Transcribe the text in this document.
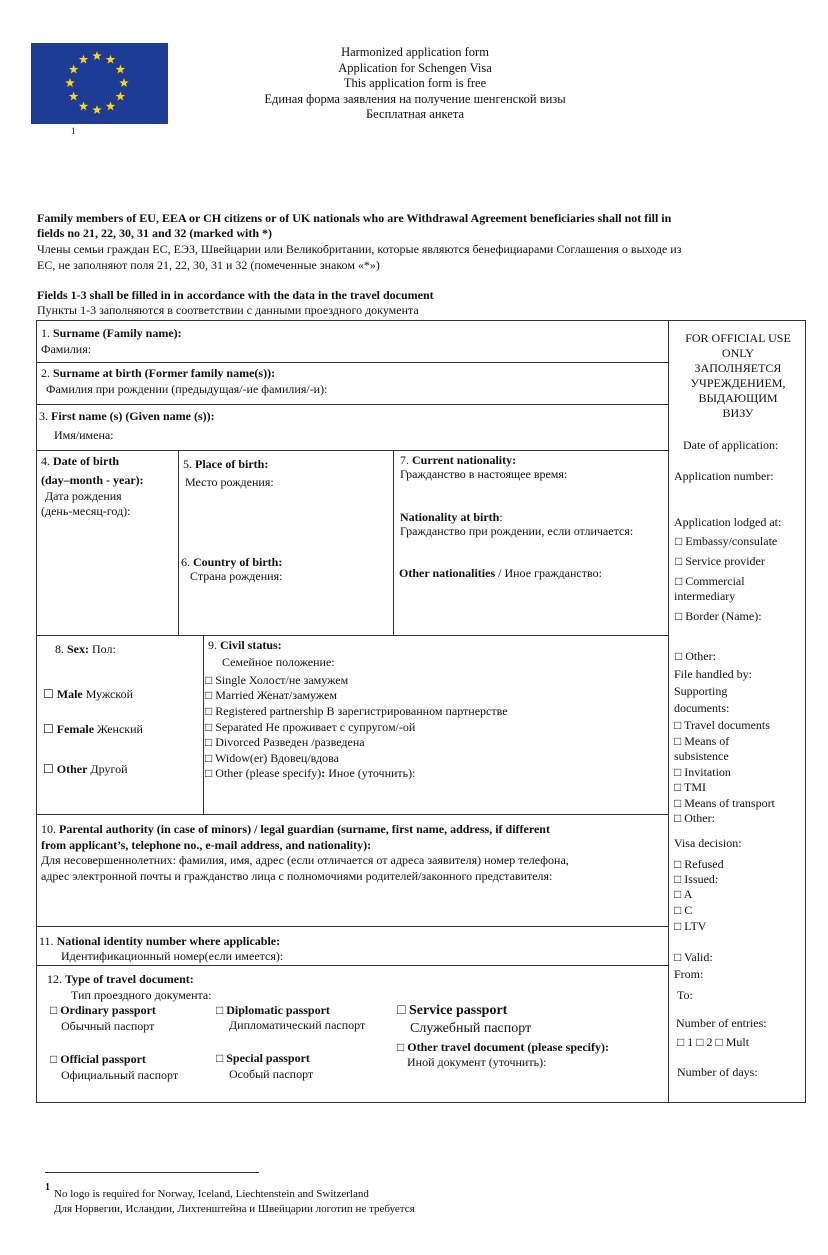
1
Harmonized application form
Application for Schengen Visa
This application form is free
Единая форма заявления на получение шенгенской визы
Бесплатная анкета
Family members of EU, EEA or CH citizens or of UK nationals who are Withdrawal Agreement beneficiaries shall not fill in
fields no 21, 22, 30, 31 and 32 (marked with *)
Члены семьи граждан ЕС, ЕЭЗ, Швейцарии или Великобритании, которые являются бенефициарами Соглашения о выходе из
ЕС, не заполняют поля 21, 22, 30, 31 и 32 (помеченные знаком «*»)
Fields 1-3 shall be filled in in accordance with the data in the travel document
Пункты 1-3 заполняются в соответствии с данными проездного документа
1. Surname (Family name):
Фамилия:
2. Surname at birth (Former family name(s)):
Фамилия при рождении (предыдущая/-ие фамилия/-и):
3. First name (s) (Given name (s)):
Имя/имена:
4. Date of birth
(day–month - year):
Дата рождения
(день-месяц-год):
5. Place of birth:
Место рождения:
6. Country of birth:
Страна рождения:
7. Current nationality:
Гражданство в настоящее время:
Nationality at birth:
Гражданство при рождении, если отличается:
Other nationalities / Иное гражданство:
8. Sex: Пол:
☐ Male Мужской
☐ Female Женский
☐ Other Другой
9. Civil status:
Семейное положение:
□ Single Холост/не замужем
□ Married Женат/замужем
□ Registered partnership В зарегистрированном партнерстве
□ Separated Не проживает с супругом/-ой
□ Divorced Разведен /разведена
□ Widow(er) Вдовец/вдова
□ Other (please specify): Иное (уточнить):
10. Parental authority (in case of minors) / legal guardian (surname, first name, address, if different
from applicant’s, telephone no., e-mail address, and nationality):
Для несовершеннолетних: фамилия, имя, адрес (если отличается от адреса заявителя) номер телефона,
адрес электронной почты и гражданство лица с полномочиями родителей/законного представителя:
11. National identity number where applicable:
Идентификационный номер(если имеется):
12. Type of travel document:
Тип проездного документа:
□ Ordinary passport
Обычный паспорт
□ Diplomatic passport
Дипломатический паспорт
□ Service passport
Служебный паспорт
□ Official passport
Официальный паспорт
□ Special passport
Особый паспорт
□ Other travel document (please specify):
Иной документ (уточнить):
FOR OFFICIAL USE
ONLY
ЗАПОЛНЯЕТСЯ
УЧРЕЖДЕНИЕМ,
ВЫДАЮЩИМ
ВИЗУ
Date of application:
Application number:
Application lodged at:
□ Embassy/consulate
□ Service provider
□ Commercial
intermediary
□ Border (Name):
□ Other:
File handled by:
Supporting
documents:
□ Travel documents
□ Means of
subsistence
□ Invitation
□ TMI
□ Means of transport
□ Other:
Visa decision:
□ Refused
□ Issued:
□ A
□ C
□ LTV
□ Valid:
From:
To:
Number of entries:
□ 1 □ 2 □ Mult
Number of days:
1
No logo is required for Norway, Iceland, Liechtenstein and Switzerland
Для Норвегии, Исландии, Лихтенштейна и Швейцарии логотип не требуется
